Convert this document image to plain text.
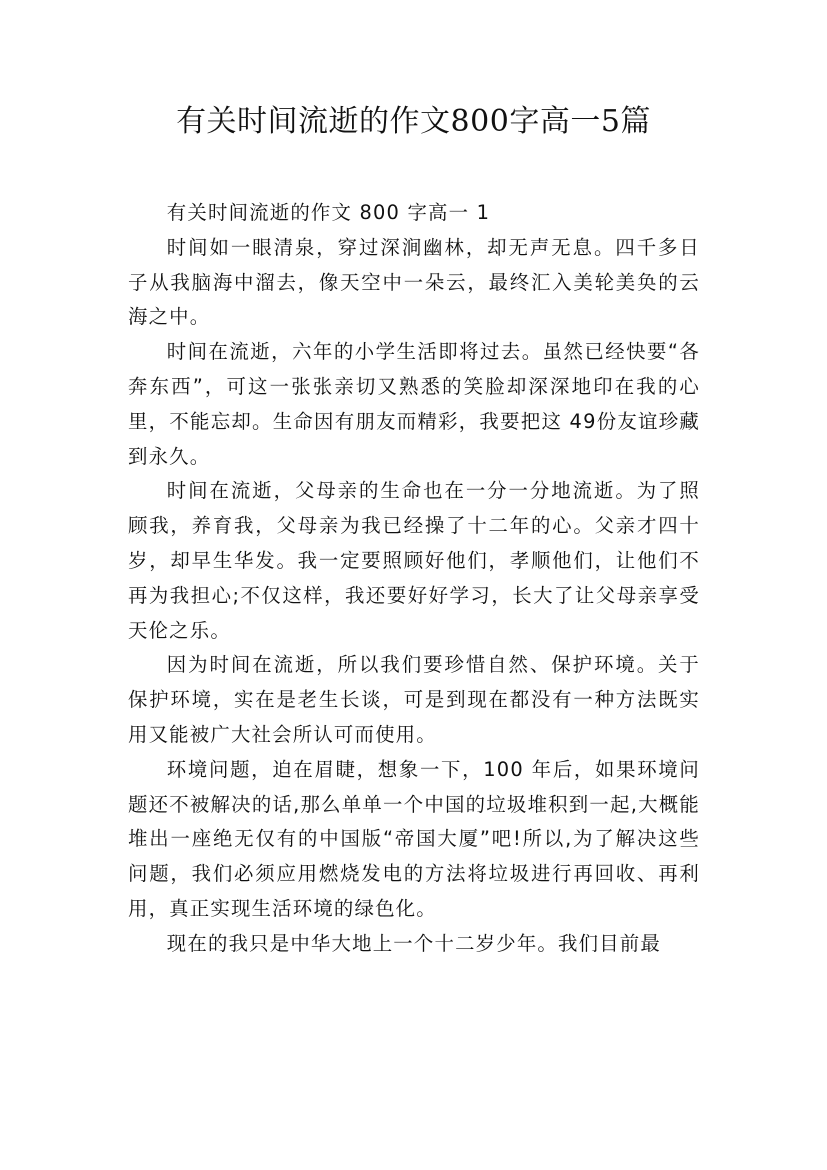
有关时间流逝的作文800字高一5篇

有关时间流逝的作文 800 字高一 1

时间如一眼清泉，穿过深涧幽林，却无声无息。四千多日子从我脑海中溜去，像天空中一朵云，最终汇入美轮美奂的云海之中。

时间在流逝，六年的小学生活即将过去。虽然已经快要“各奔东西”，可这一张张亲切又熟悉的笑脸却深深地印在我的心里，不能忘却。生命因有朋友而精彩，我要把这 49份友谊珍藏到永久。

时间在流逝，父母亲的生命也在一分一分地流逝。为了照顾我，养育我，父母亲为我已经操了十二年的心。父亲才四十岁，却早生华发。我一定要照顾好他们，孝顺他们，让他们不再为我担心;不仅这样，我还要好好学习，长大了让父母亲享受天伦之乐。

因为时间在流逝，所以我们要珍惜自然、保护环境。关于保护环境，实在是老生长谈，可是到现在都没有一种方法既实用又能被广大社会所认可而使用。

环境问题，迫在眉睫，想象一下，100 年后，如果环境问题还不被解决的话,那么单单一个中国的垃圾堆积到一起,大概能堆出一座绝无仅有的中国版“帝国大厦”吧!所以,为了解决这些问题，我们必须应用燃烧发电的方法将垃圾进行再回收、再利用，真正实现生活环境的绿色化。

现在的我只是中华大地上一个十二岁少年。我们目前最
